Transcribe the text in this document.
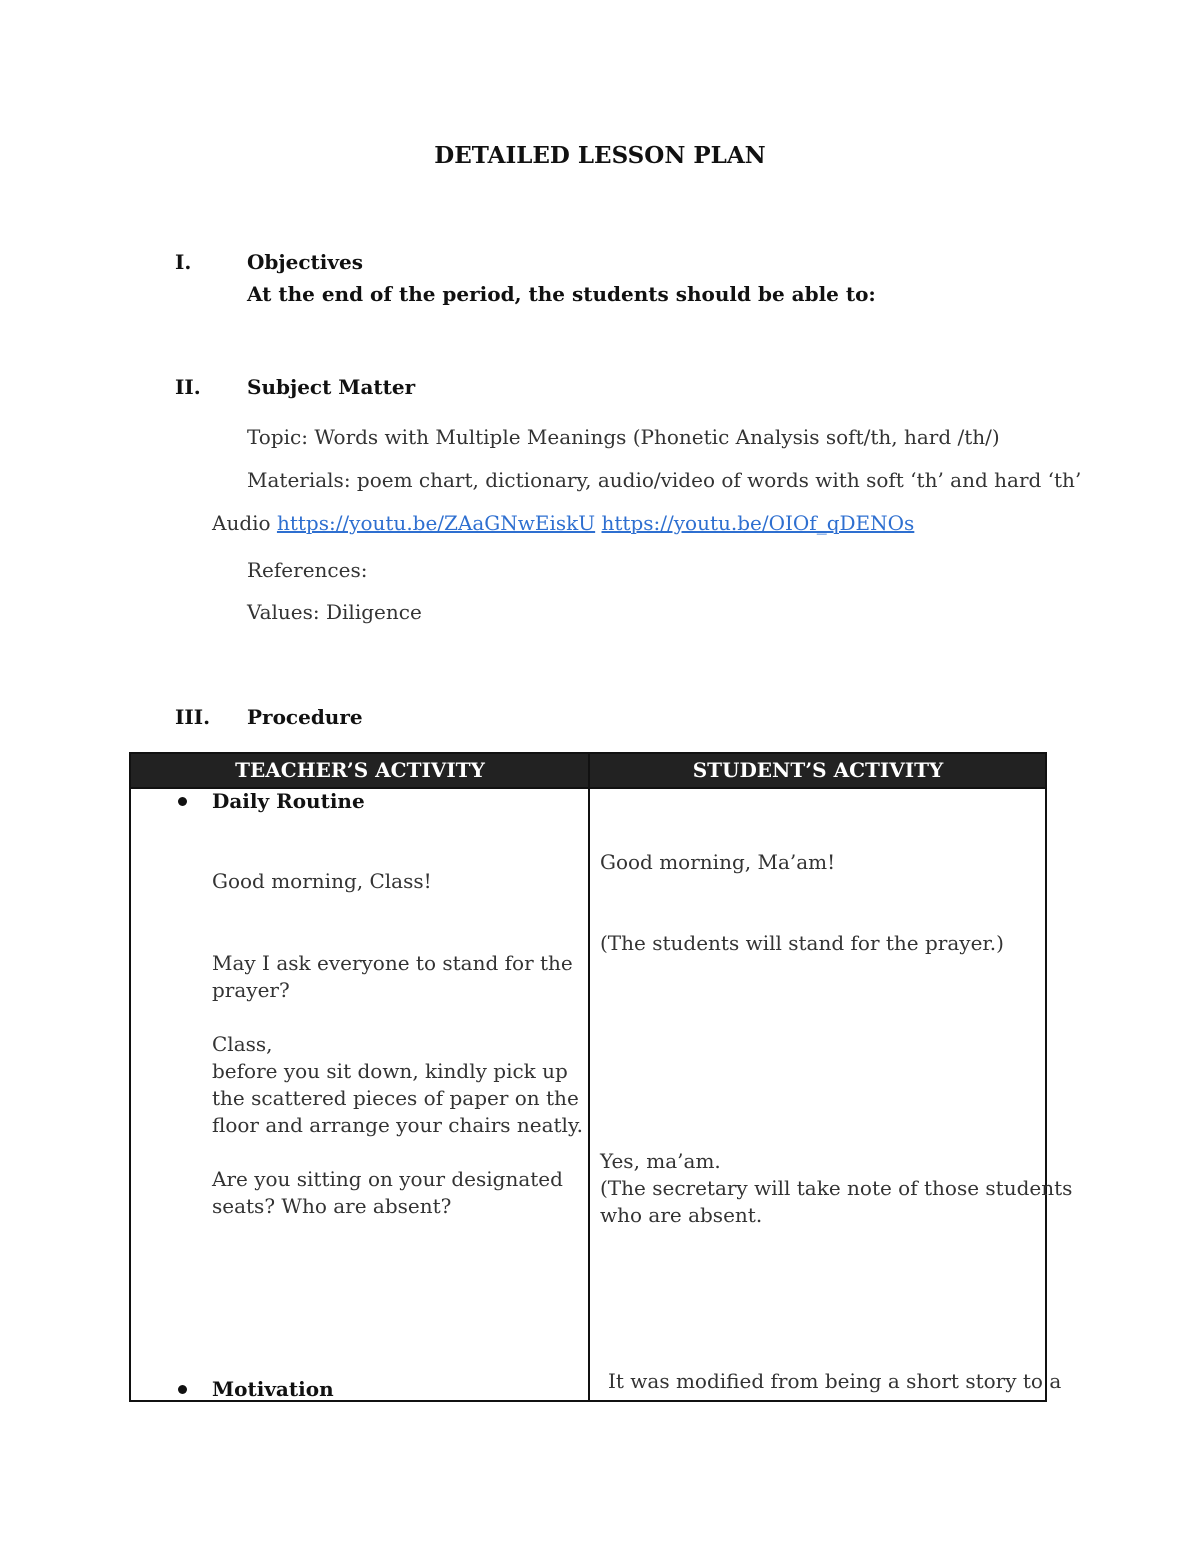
DETAILED LESSON PLAN
I.	Objectives
At the end of the period, the students should be able to:
II. Subject Matter
Topic: Words with Multiple Meanings (Phonetic Analysis soft/th, hard /th/)
Materials: poem chart, dictionary, audio/video of words with soft ‘th’ and hard ‘th’
Audio https://youtu.be/ZAaGNwEiskU https://youtu.be/OIOf_qDENOs
References:
Values: Diligence
III. Procedure
TEACHER’S ACTIVITY	STUDENT’S ACTIVITY
Daily Routine
Good morning, Class!
May I ask everyone to stand for the
prayer?
Class,
before you sit down, kindly pick up
the scattered pieces of paper on the
floor and arrange your chairs neatly.
Are you sitting on your designated
seats? Who are absent?
Motivation
Good morning, Ma’am!
(The students will stand for the prayer.)
Yes, ma’am.
(The secretary will take note of those students
who are absent.
It was modified from being a short story to a
